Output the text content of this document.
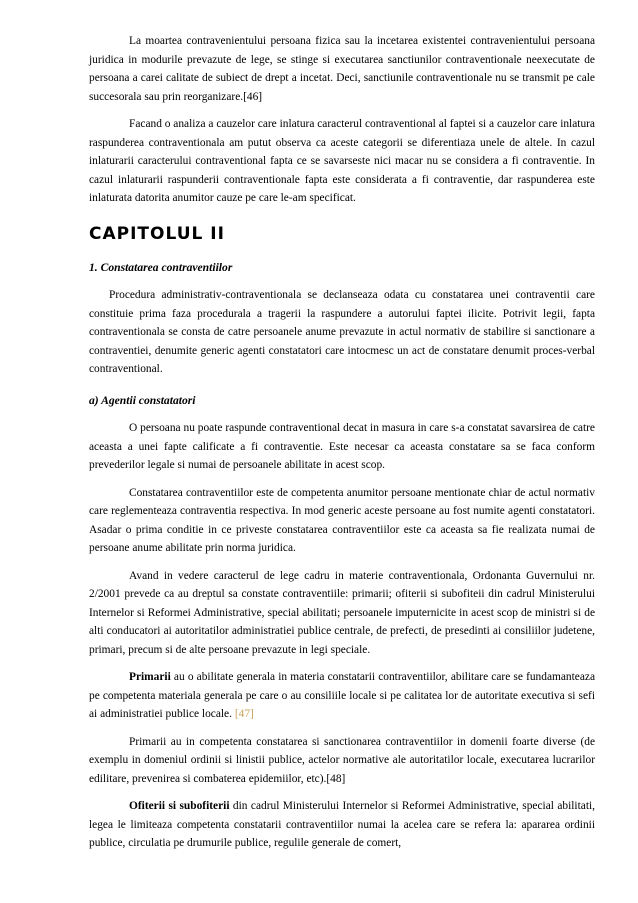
La moartea contravenientului persoana fizica sau la incetarea existentei contravenientului persoana juridica in modurile prevazute de lege, se stinge si executarea sanctiunilor contraventionale neexecutate de persoana a carei calitate de subiect de drept a incetat. Deci, sanctiunile contraventionale nu se transmit pe cale succesorala sau prin reorganizare.[46]

Facand o analiza a cauzelor care inlatura caracterul contraventional al faptei si a cauzelor care inlatura raspunderea contraventionala am putut observa ca aceste categorii se diferentiaza unele de altele. In cazul inlaturarii caracterului contraventional fapta ce se savarseste nici macar nu se considera a fi contraventie. In cazul inlaturarii raspunderii contraventionale fapta este considerata a fi contraventie, dar raspunderea este inlaturata datorita anumitor cauze pe care le-am specificat.

CAPITOLUL II

1. Constatarea contraventiilor

Procedura administrativ-contraventionala se declanseaza odata cu constatarea unei contraventii care constituie prima faza procedurala a tragerii la raspundere a autorului faptei ilicite. Potrivit legii, fapta contraventionala se consta de catre persoanele anume prevazute in actul normativ de stabilire si sanctionare a contraventiei, denumite generic agenti constatatori care intocmesc un act de constatare denumit proces-verbal contraventional.

a) Agentii constatatori

O persoana nu poate raspunde contraventional decat in masura in care s-a constatat savarsirea de catre aceasta a unei fapte calificate a fi contraventie. Este necesar ca aceasta constatare sa se faca conform prevederilor legale si numai de persoanele abilitate in acest scop.

Constatarea contraventiilor este de competenta anumitor persoane mentionate chiar de actul normativ care reglementeaza contraventia respectiva. In mod generic aceste persoane au fost numite agenti constatatori. Asadar o prima conditie in ce priveste constatarea contraventiilor este ca aceasta sa fie realizata numai de persoane anume abilitate prin norma juridica.

Avand in vedere caracterul de lege cadru in materie contraventionala, Ordonanta Guvernului nr. 2/2001 prevede ca au dreptul sa constate contraventiile: primarii; ofiterii si subofiteii din cadrul Ministerului Internelor si Reformei Administrative, special abilitati; persoanele imputernicite in acest scop de ministri si de alti conducatori ai autoritatilor administratiei publice centrale, de prefecti, de presedinti ai consiliilor judetene, primari, precum si de alte persoane prevazute in legi speciale.

Primarii au o abilitate generala in materia constatarii contraventiilor, abilitare care se fundamanteaza pe competenta materiala generala pe care o au consiliile locale si pe calitatea lor de autoritate executiva si sefi ai administratiei publice locale. [47]

Primarii au in competenta constatarea si sanctionarea contraventiilor in domenii foarte diverse (de exemplu in domeniul ordinii si linistii publice, actelor normative ale autoritatilor locale, executarea lucrarilor edilitare, prevenirea si combaterea epidemiilor, etc).[48]

Ofiterii si subofiterii din cadrul Ministerului Internelor si Reformei Administrative, special abilitati, legea le limiteaza competenta constatarii contraventiilor numai la acelea care se refera la: apararea ordinii publice, circulatia pe drumurile publice, regulile generale de comert,
